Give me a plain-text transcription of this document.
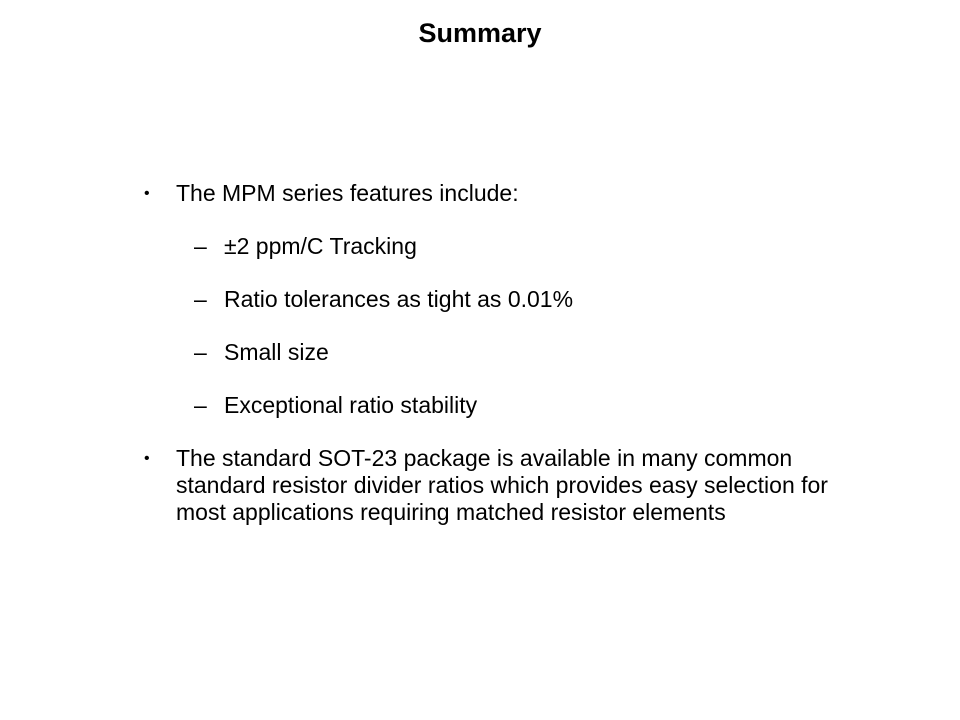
Summary
• The MPM series features include:
– ±2 ppm/C Tracking
– Ratio tolerances as tight as 0.01%
– Small size
– Exceptional ratio stability
• The standard SOT-23 package is available in many common standard resistor divider ratios which provides easy selection for most applications requiring matched resistor elements
